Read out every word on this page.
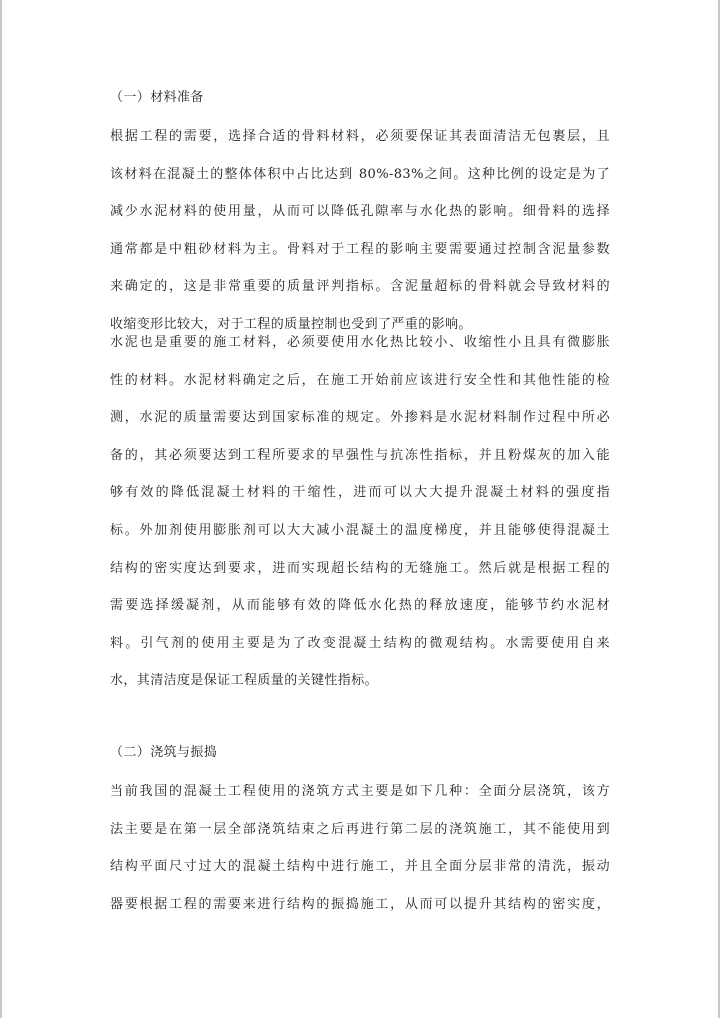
（一）材料准备
根据工程的需要，选择合适的骨料材料，必须要保证其表面清洁无包裹层，且
该材料在混凝土的整体体积中占比达到 80%-83%之间。这种比例的设定是为了
减少水泥材料的使用量，从而可以降低孔隙率与水化热的影响。细骨料的选择
通常都是中粗砂材料为主。骨料对于工程的影响主要需要通过控制含泥量参数
来确定的，这是非常重要的质量评判指标。含泥量超标的骨料就会导致材料的
收缩变形比较大，对于工程的质量控制也受到了严重的影响。
水泥也是重要的施工材料，必须要使用水化热比较小、收缩性小且具有微膨胀
性的材料。水泥材料确定之后，在施工开始前应该进行安全性和其他性能的检
测，水泥的质量需要达到国家标准的规定。外掺料是水泥材料制作过程中所必
备的，其必须要达到工程所要求的早强性与抗冻性指标，并且粉煤灰的加入能
够有效的降低混凝土材料的干缩性，进而可以大大提升混凝土材料的强度指
标。外加剂使用膨胀剂可以大大减小混凝土的温度梯度，并且能够使得混凝土
结构的密实度达到要求，进而实现超长结构的无缝施工。然后就是根据工程的
需要选择缓凝剂，从而能够有效的降低水化热的释放速度，能够节约水泥材
料。引气剂的使用主要是为了改变混凝土结构的微观结构。水需要使用自来
水，其清洁度是保证工程质量的关键性指标。
（二）浇筑与振捣
当前我国的混凝土工程使用的浇筑方式主要是如下几种：全面分层浇筑，该方
法主要是在第一层全部浇筑结束之后再进行第二层的浇筑施工，其不能使用到
结构平面尺寸过大的混凝土结构中进行施工，并且全面分层非常的清洗，振动
器要根据工程的需要来进行结构的振捣施工，从而可以提升其结构的密实度，
